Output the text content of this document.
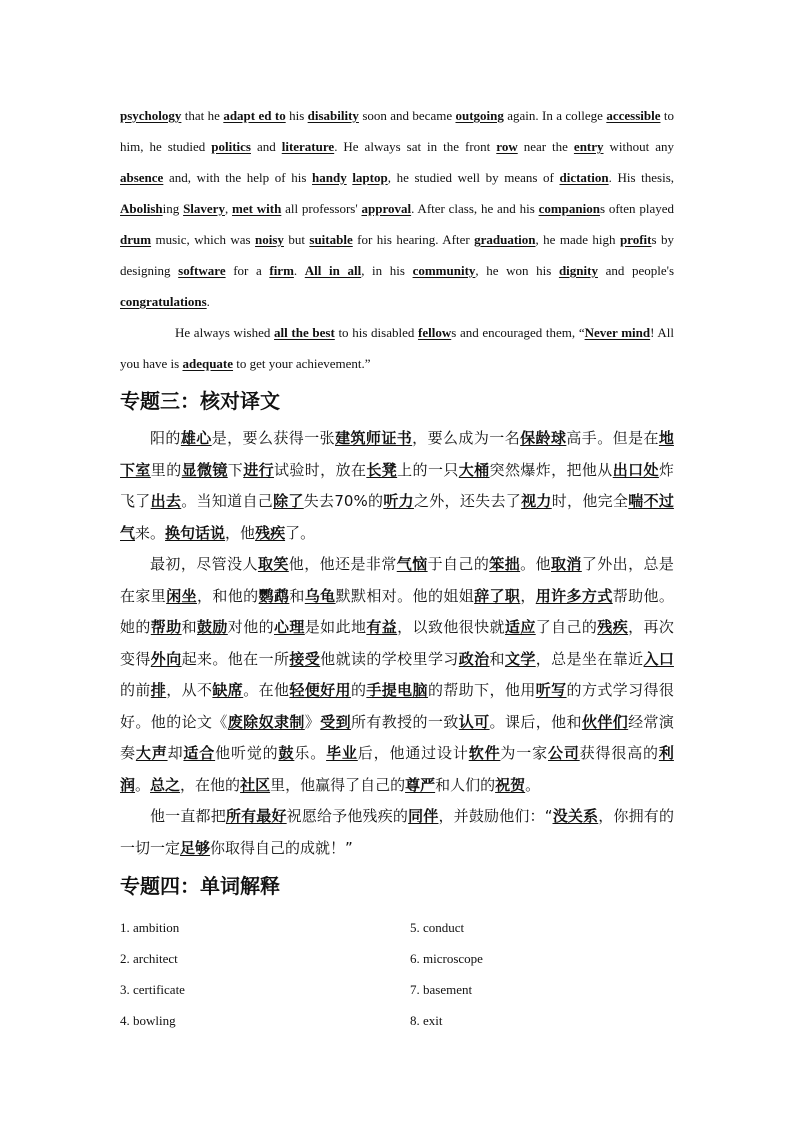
psychology that he adapt ed to his disability soon and became outgoing again. In a college accessible to him, he studied politics and literature. He always sat in the front row near the entry without any absence and, with the help of his handy laptop, he studied well by means of dictation. His thesis, Abolishing Slavery, met with all professors' approval. After class, he and his companions often played drum music, which was noisy but suitable for his hearing. After graduation, he made high profits by designing software for a firm. All in all, in his community, he won his dignity and people's congratulations.

He always wished all the best to his disabled fellows and encouraged them, “Never mind! All you have is adequate to get your achievement.”

专题三：核对译文

阳的雄心是，要么获得一张建筑师证书，要么成为一名保龄球高手。但是在地下室里的显微镜下进行试验时，放在长凳上的一只大桶突然爆炸，把他从出口处炸飞了出去。当知道自己除了失去70%的听力之外，还失去了视力时，他完全喘不过气来。换句话说，他残疾了。

最初，尽管没人取笑他，他还是非常气恼于自己的笨拙。他取消了外出，总是在家里闲坐，和他的鹦鹉和乌龟默默相对。他的姐姐辞了职，用许多方式帮助他。她的帮助和鼓励对他的心理是如此地有益，以致他很快就适应了自己的残疾，再次变得外向起来。他在一所接受他就读的学校里学习政治和文学，总是坐在靠近入口的前排，从不缺席。在他轻便好用的手提电脑的帮助下，他用听写的方式学习得很好。他的论文《废除奴隶制》受到所有教授的一致认可。课后，他和伙伴们经常演奏大声却适合他听觉的鼓乐。毕业后，他通过设计软件为一家公司获得很高的利润。总之，在他的社区里，他赢得了自己的尊严和人们的祝贺。

他一直都把所有最好祝愿给予他残疾的同伴，并鼓励他们：“没关系，你拥有的一切一定足够你取得自己的成就！”

专题四：单词解释
1. ambition	5. conduct
2. architect	6. microscope
3. certificate	7. basement
4. bowling	8. exit
